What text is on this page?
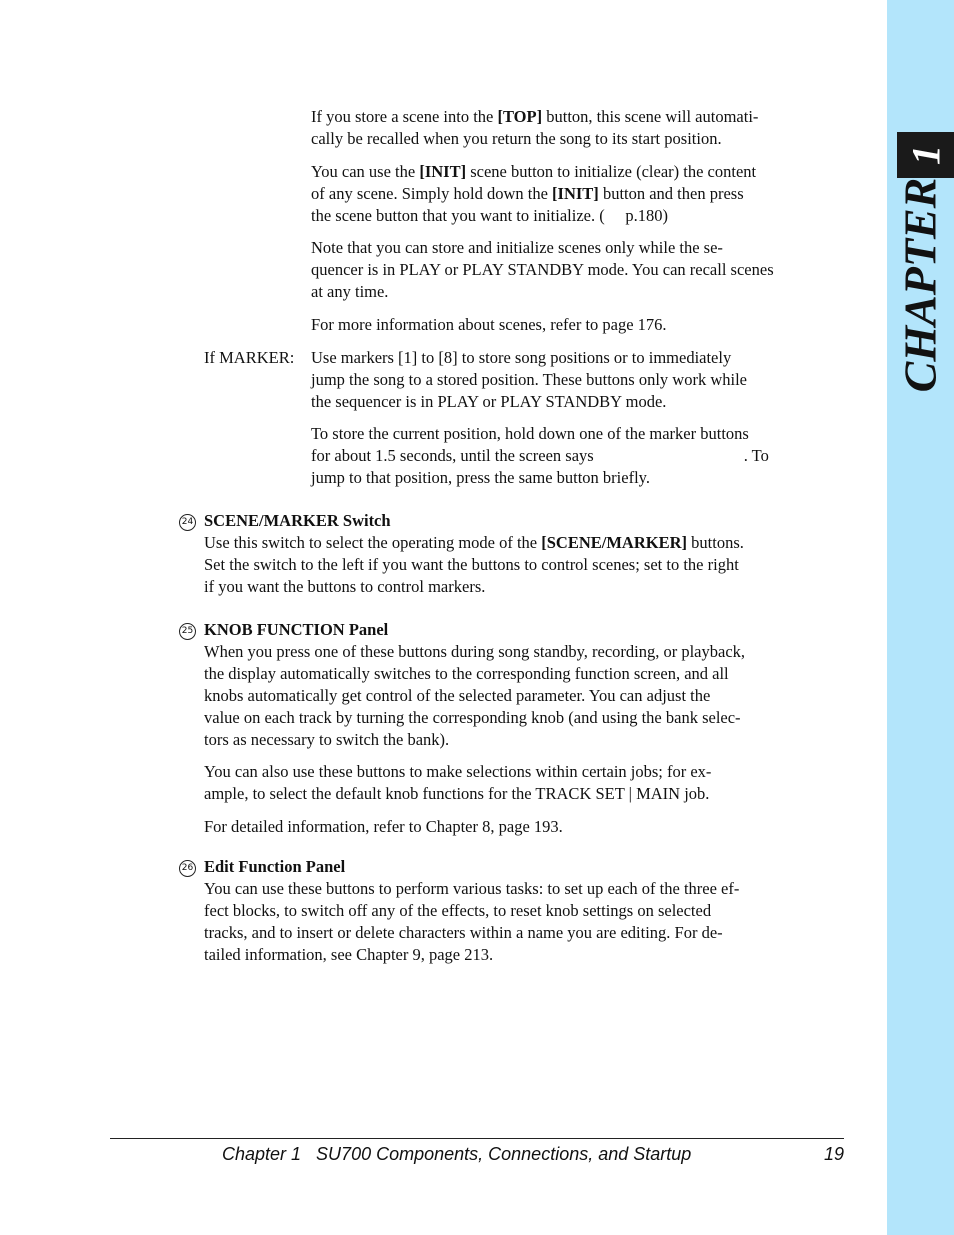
1
CHAPTER

If you store a scene into the [TOP] button, this scene will automati-
cally be recalled when you return the song to its start position.

You can use the [INIT] scene button to initialize (clear) the content
of any scene. Simply hold down the [INIT] button and then press
the scene button that you want to initialize. (     p.180)

Note that you can store and initialize scenes only while the se-
quencer is in PLAY or PLAY STANDBY mode. You can recall scenes
at any time.

For more information about scenes, refer to page 176.

If MARKER: Use markers [1] to [8] to store song positions or to immediately
jump the song to a stored position. These buttons only work while
the sequencer is in PLAY or PLAY STANDBY mode.

To store the current position, hold down one of the marker buttons
for about 1.5 seconds, until the screen says	. To
jump to that position, press the same button briefly.

24 SCENE/MARKER Switch

Use this switch to select the operating mode of the [SCENE/MARKER] buttons.
Set the switch to the left if you want the buttons to control scenes; set to the right
if you want the buttons to control markers.

25 KNOB FUNCTION Panel

When you press one of these buttons during song standby, recording, or playback,
the display automatically switches to the corresponding function screen, and all
knobs automatically get control of the selected parameter. You can adjust the
value on each track by turning the corresponding knob (and using the bank selec-
tors as necessary to switch the bank).

You can also use these buttons to make selections within certain jobs; for ex-
ample, to select the default knob functions for the TRACK SET | MAIN job.

For detailed information, refer to Chapter 8, page 193.

26 Edit Function Panel

You can use these buttons to perform various tasks: to set up each of the three ef-
fect blocks, to switch off any of the effects, to reset knob settings on selected
tracks, and to insert or delete characters within a name you are editing. For de-
tailed information, see Chapter 9, page 213.

Chapter 1   SU700 Components, Connections, and Startup	19
